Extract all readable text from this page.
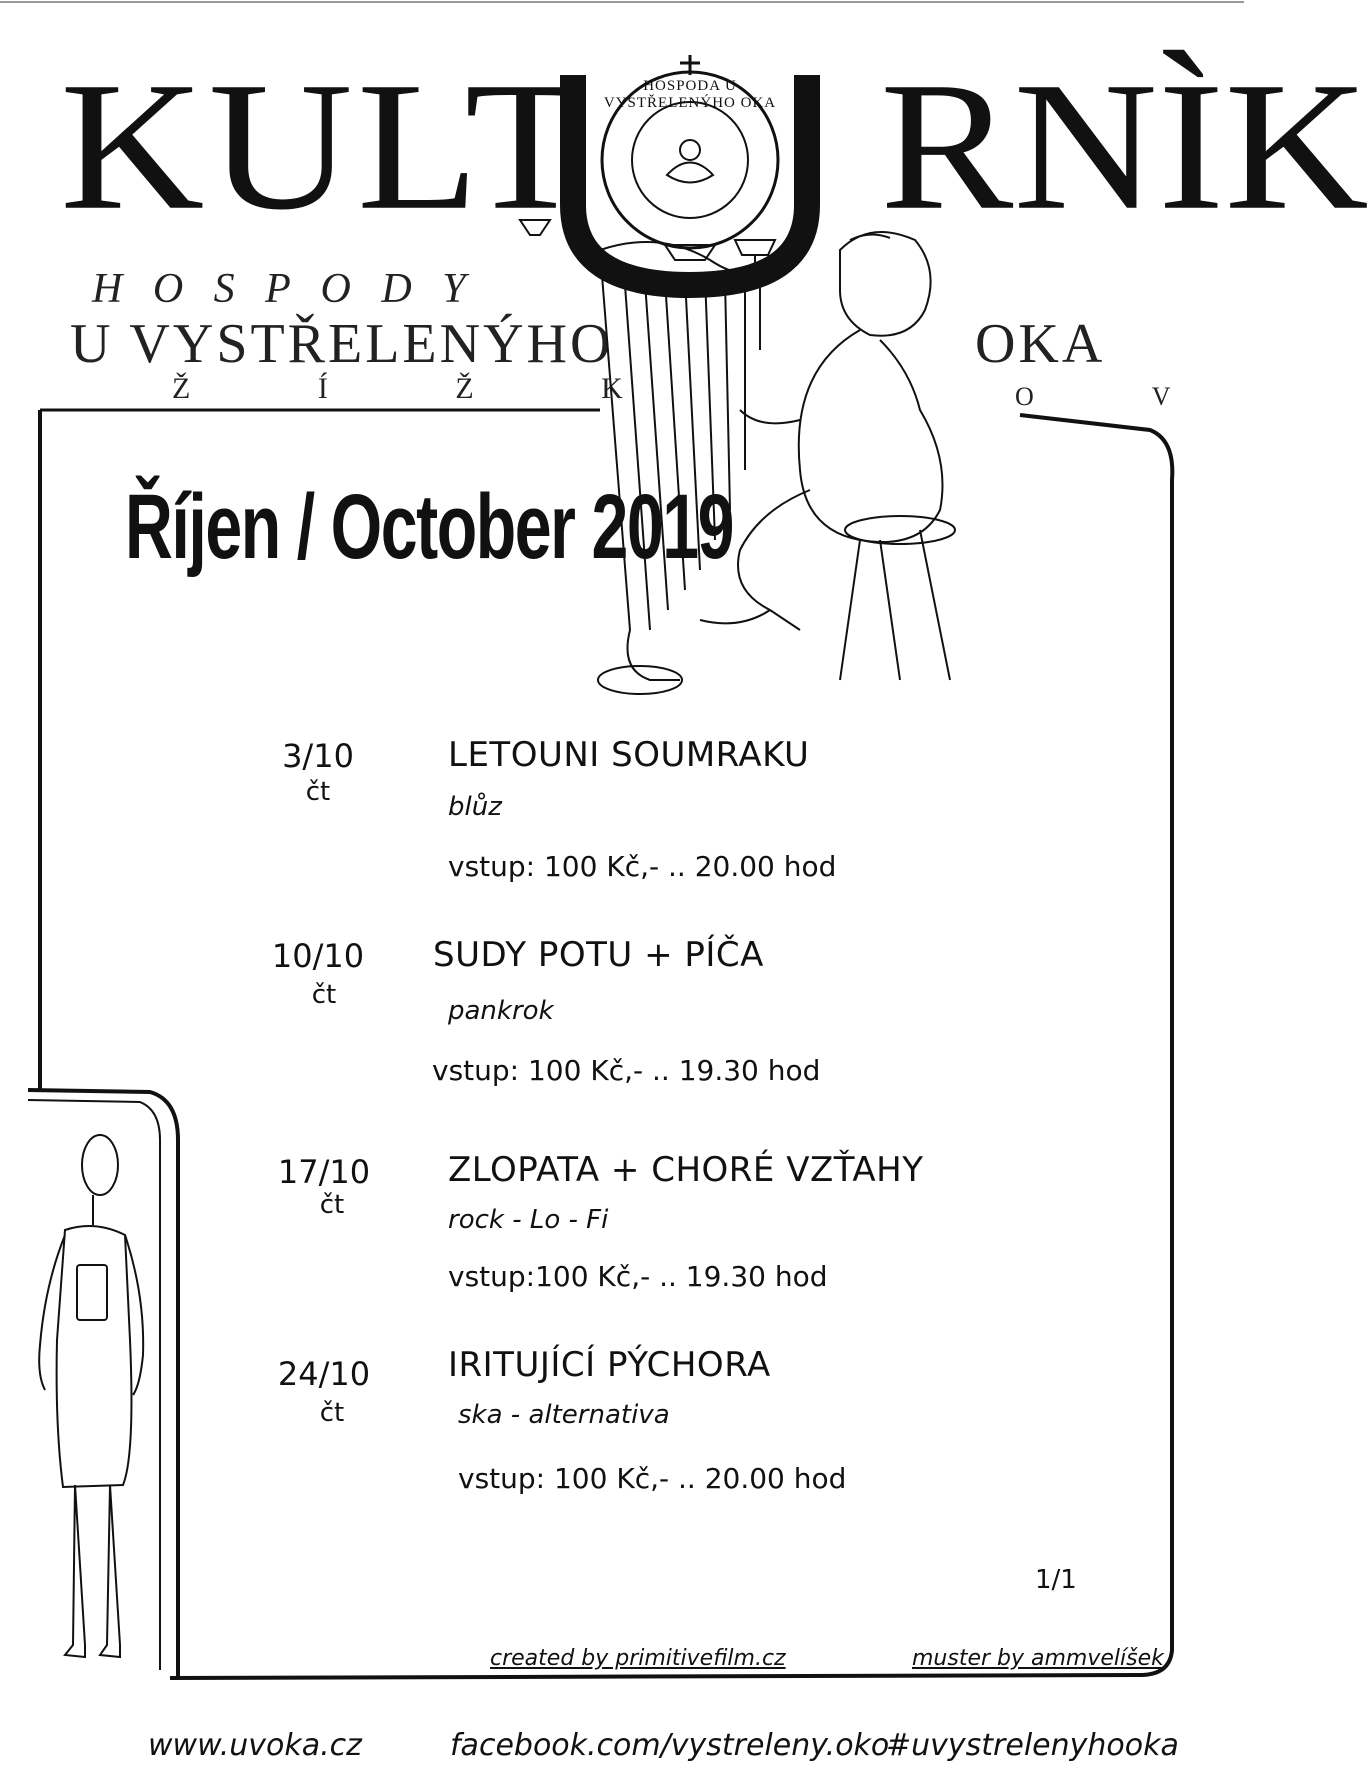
KULT RNÌK
HOSPODA U VYSTŘELENÝHO OKA
H O S P O D Y
U VYSTŘELENÝHO	OKA
Ž Í Ž K	O V
Říjen / October 2019
3/10
čt
LETOUNI SOUMRAKU
blůz
vstup: 100 Kč,- .. 20.00 hod
10/10
čt
SUDY POTU + PÍČA
pankrok
vstup: 100 Kč,- .. 19.30 hod
17/10
čt
ZLOPATA + CHORÉ VZŤAHY
rock - Lo - Fi
vstup:100 Kč,- .. 19.30 hod
24/10
čt
IRITUJÍCÍ PÝCHORA
ska - alternativa
vstup: 100 Kč,- .. 20.00 hod
1/1
created by primitivefilm.cz	muster by ammvelíšek
www.uvoka.cz	facebook.com/vystreleny.oko
#uvystrelenyhooka
